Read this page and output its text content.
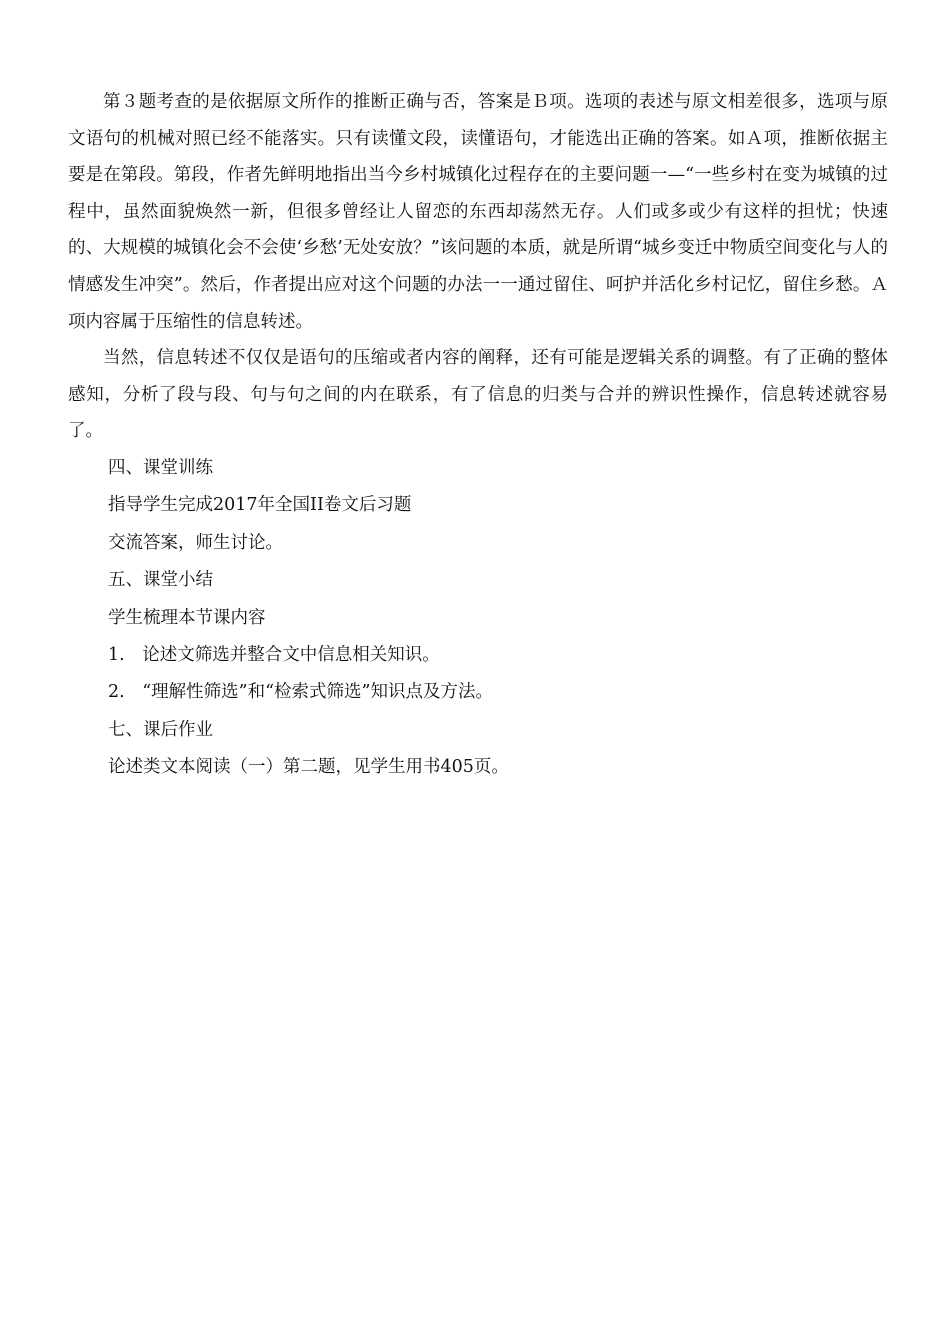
第３题考查的是依据原文所作的推断正确与否，答案是Ｂ项。选项的表述与原文相差很多，选项与原文语句的机械对照已经不能落实。只有读懂文段，读懂语句，才能选出正确的答案。如Ａ项，推断依据主要是在第段。第段，作者先鲜明地指出当今乡村城镇化过程存在的主要问题一—“一些乡村在变为城镇的过程中，虽然面貌焕然一新，但很多曾经让人留恋的东西却荡然无存。人们或多或少有这样的担忧；快速的、大规模的城镇化会不会使‘乡愁’无处安放？”该问题的本质，就是所谓“城乡变迁中物质空间变化与人的情感发生冲突”。然后，作者提出应对这个问题的办法一一通过留住、呵护并活化乡村记忆，留住乡愁。Ａ项内容属于压缩性的信息转述。

当然，信息转述不仅仅是语句的压缩或者内容的阐释，还有可能是逻辑关系的调整。有了正确的整体感知，分析了段与段、句与句之间的内在联系，有了信息的归类与合并的辨识性操作，信息转述就容易了。

四、课堂训练

指导学生完成2017年全国II卷文后习题

交流答案，师生讨论。

五、课堂小结

学生梳理本节课内容

1.　论述文筛选并整合文中信息相关知识。

2.　“理解性筛选”和“检索式筛选”知识点及方法。

七、课后作业

论述类文本阅读（一）第二题，见学生用书405页。
